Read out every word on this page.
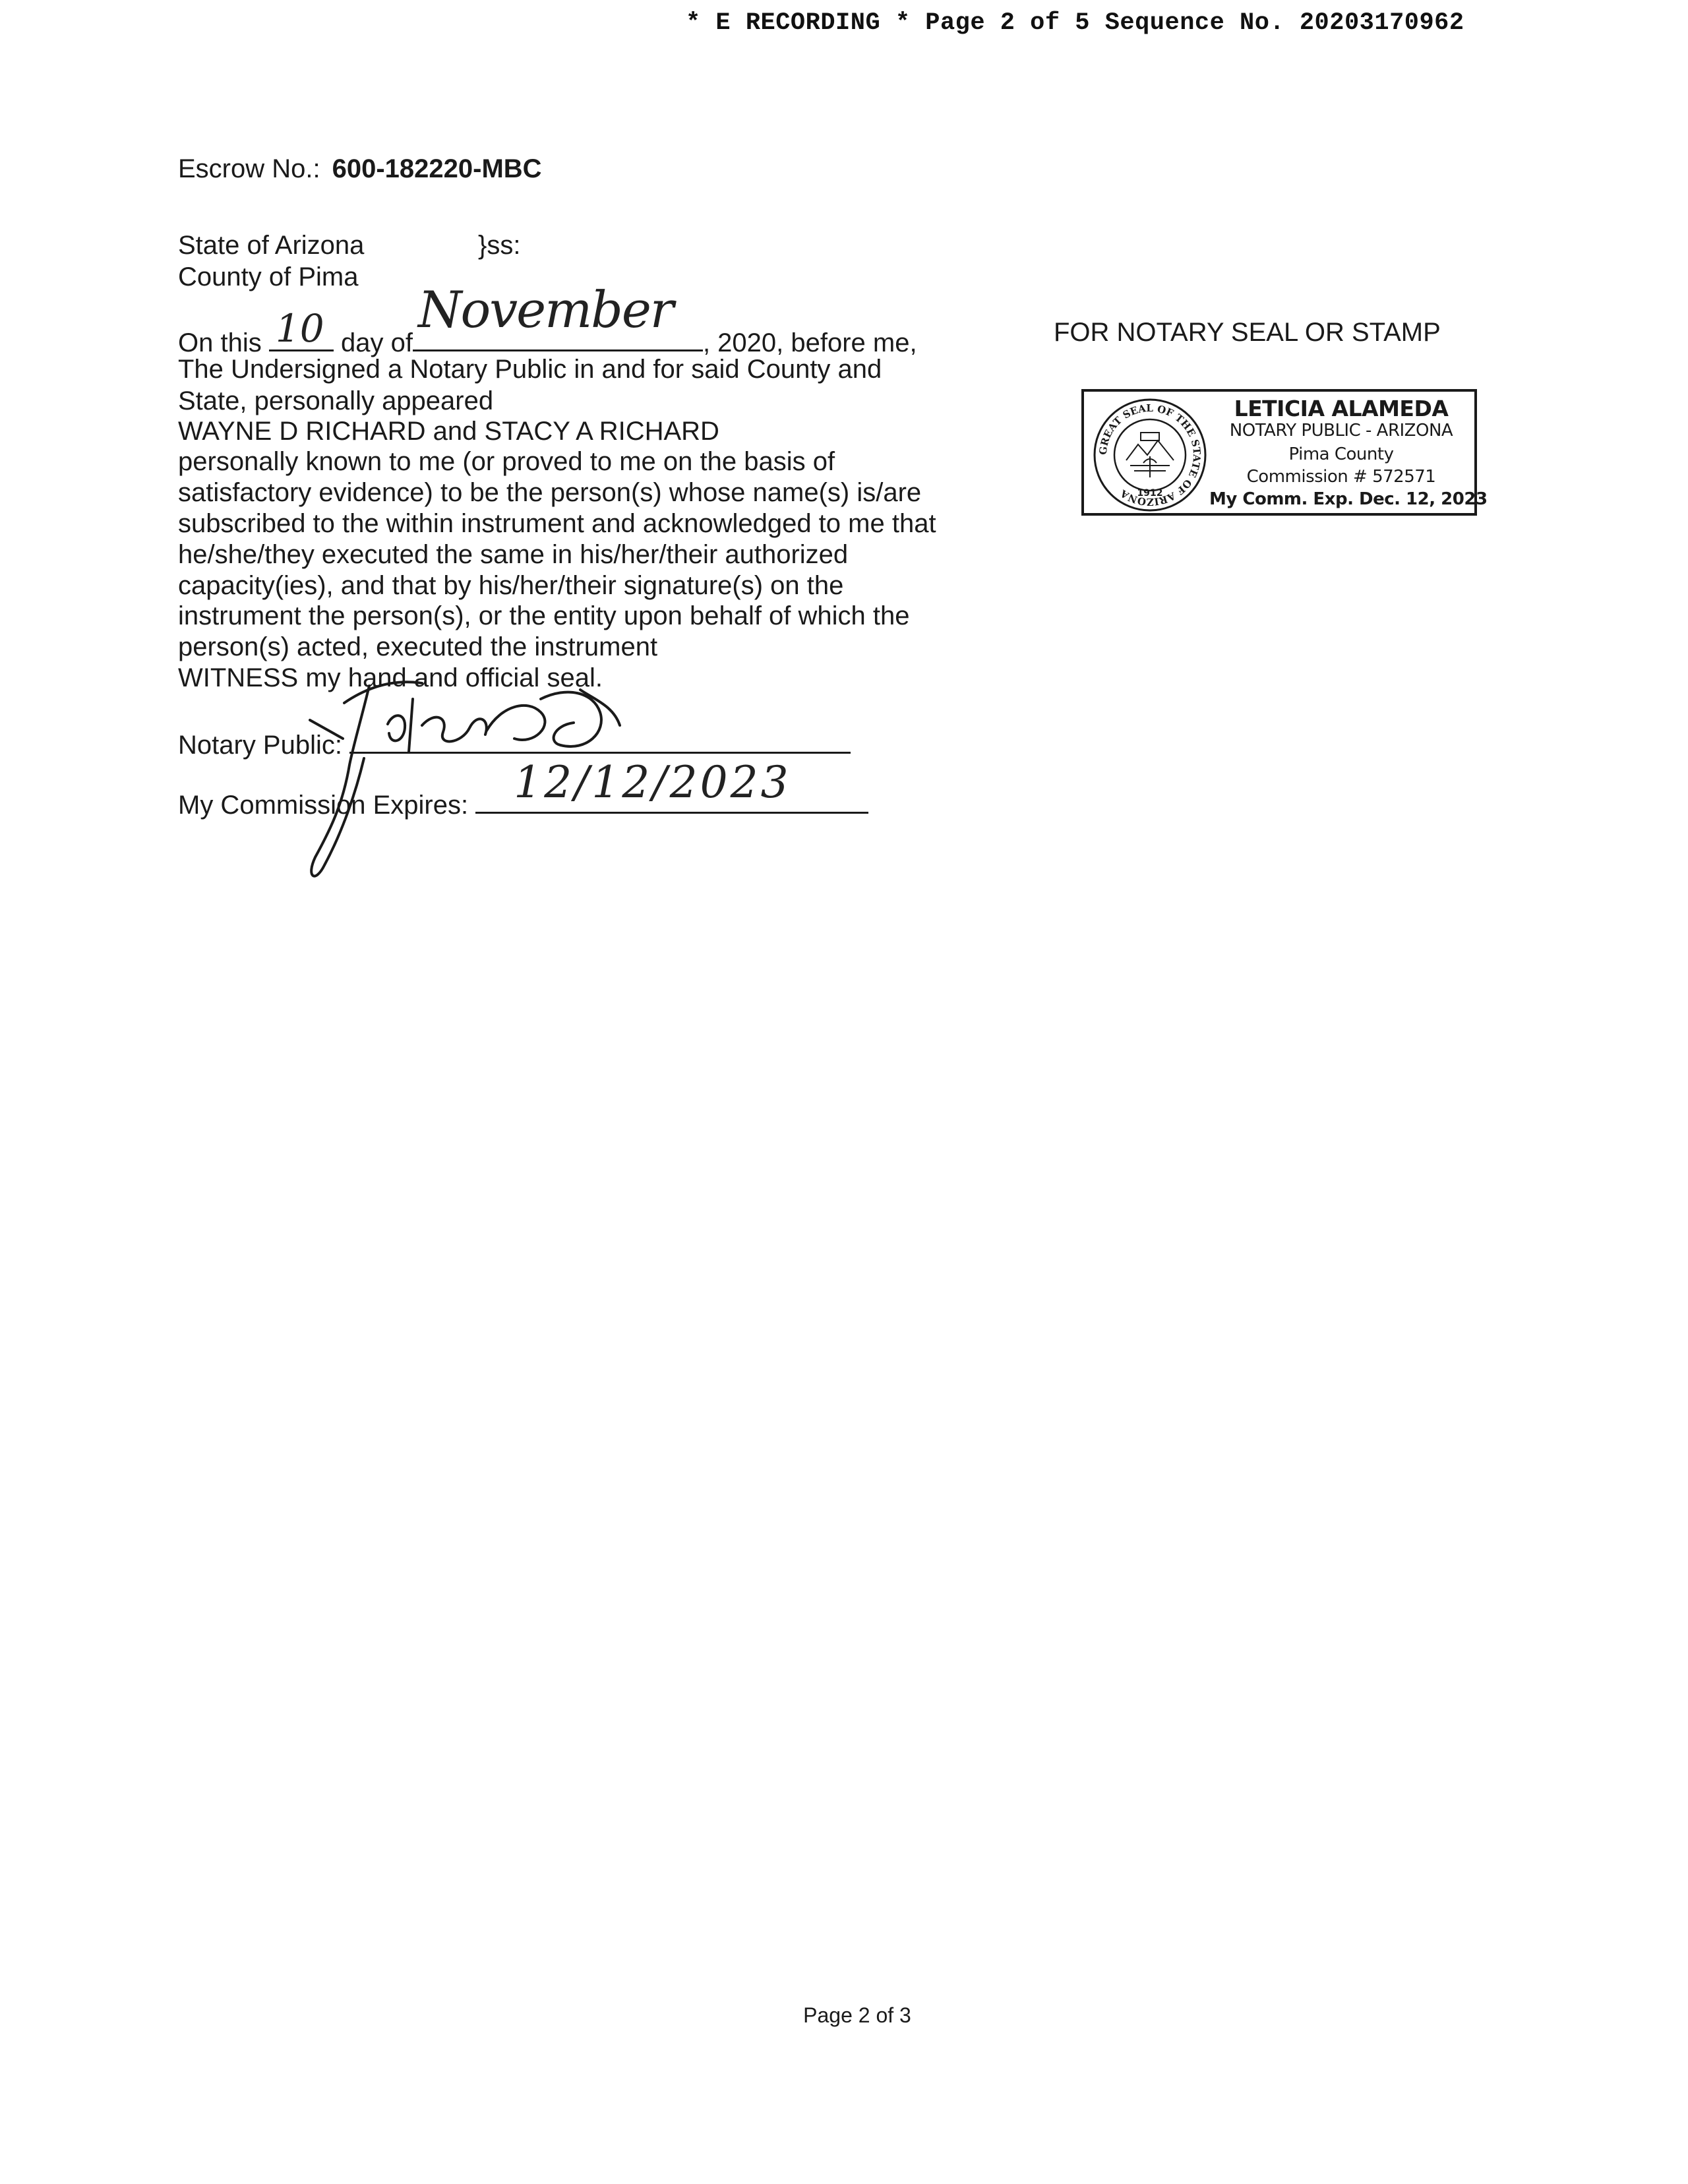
* E RECORDING * Page 2 of 5 Sequence No. 20203170962
Escrow No.: 600-182220-MBC
State of Arizona	}ss:
County of Pima
On this 10 day of
November
, 2020, before me,
The Undersigned a Notary Public in and for said County and
State, personally appeared
WAYNE D RICHARD and STACY A RICHARD
personally known to me (or proved to me on the basis of
satisfactory evidence) to be the person(s) whose name(s) is/are
subscribed to the within instrument and acknowledged to me that
he/she/they executed the same in his/her/their authorized
capacity(ies), and that by his/her/their signature(s) on the
instrument the person(s), or the entity upon behalf of which the
person(s) acted, executed the instrument
WITNESS my hand and official seal.
Notary Public:
My Commission Expires: 12/12/2023
FOR NOTARY SEAL OR STAMP
GREAT SEAL OF THE STATE OF ARIZONA 1912
LETICIA ALAMEDA
NOTARY PUBLIC - ARIZONA
Pima County
Commission # 572571
My Comm. Exp. Dec. 12, 2023
Page 2 of 3
